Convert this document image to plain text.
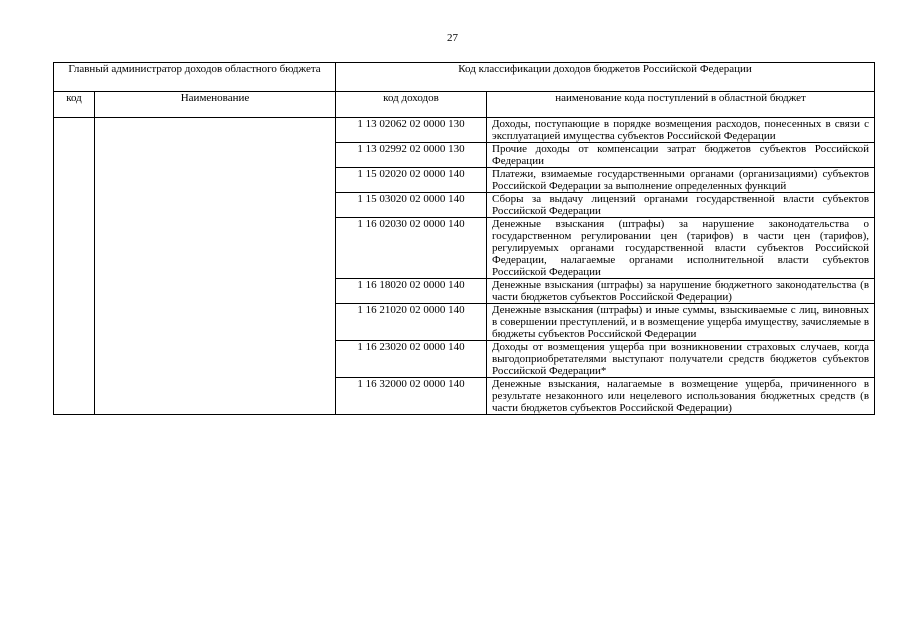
27
Главный администратор доходов областного бюджета		Код классификации доходов бюджетов Российской Федерации	
код	Наименование	код доходов	наименование кода поступлений в областной бюджет
		1 13 02062 02 0000 130	Доходы, поступающие в порядке возмещения расходов, понесенных в связи с эксплуатацией имущества субъектов Российской Федерации
		1 13 02992 02 0000 130	Прочие доходы от компенсации затрат бюджетов субъектов Российской Федерации
		1 15 02020 02 0000 140	Платежи, взимаемые государственными органами (организациями) субъектов Российской Федерации за выполнение определенных функций
		1 15 03020 02 0000 140	Сборы за выдачу лицензий органами государственной власти субъектов Российской Федерации
		1 16 02030 02 0000 140	Денежные взыскания (штрафы) за нарушение законодательства о государственном регулировании цен (тарифов) в части цен (тарифов), регулируемых органами государственной власти субъектов Российской Федерации, налагаемые органами исполнительной власти субъектов Российской Федерации
		1 16 18020 02 0000 140	Денежные взыскания (штрафы) за нарушение бюджетного законодательства (в части бюджетов субъектов Российской Федерации)
		1 16 21020 02 0000 140	Денежные взыскания (штрафы) и иные суммы, взыскиваемые с лиц, виновных в совершении преступлений, и в возмещение ущерба имуществу, зачисляемые в бюджеты субъектов Российской Федерации
		1 16 23020 02 0000 140	Доходы от возмещения ущерба при возникновении страховых случаев, когда выгодоприобретателями выступают получатели средств бюджетов субъектов Российской Федерации*
		1 16 32000 02 0000 140	Денежные взыскания, налагаемые в возмещение ущерба, причиненного в результате незаконного или нецелевого использования бюджетных средств (в части бюджетов субъектов Российской Федерации)
